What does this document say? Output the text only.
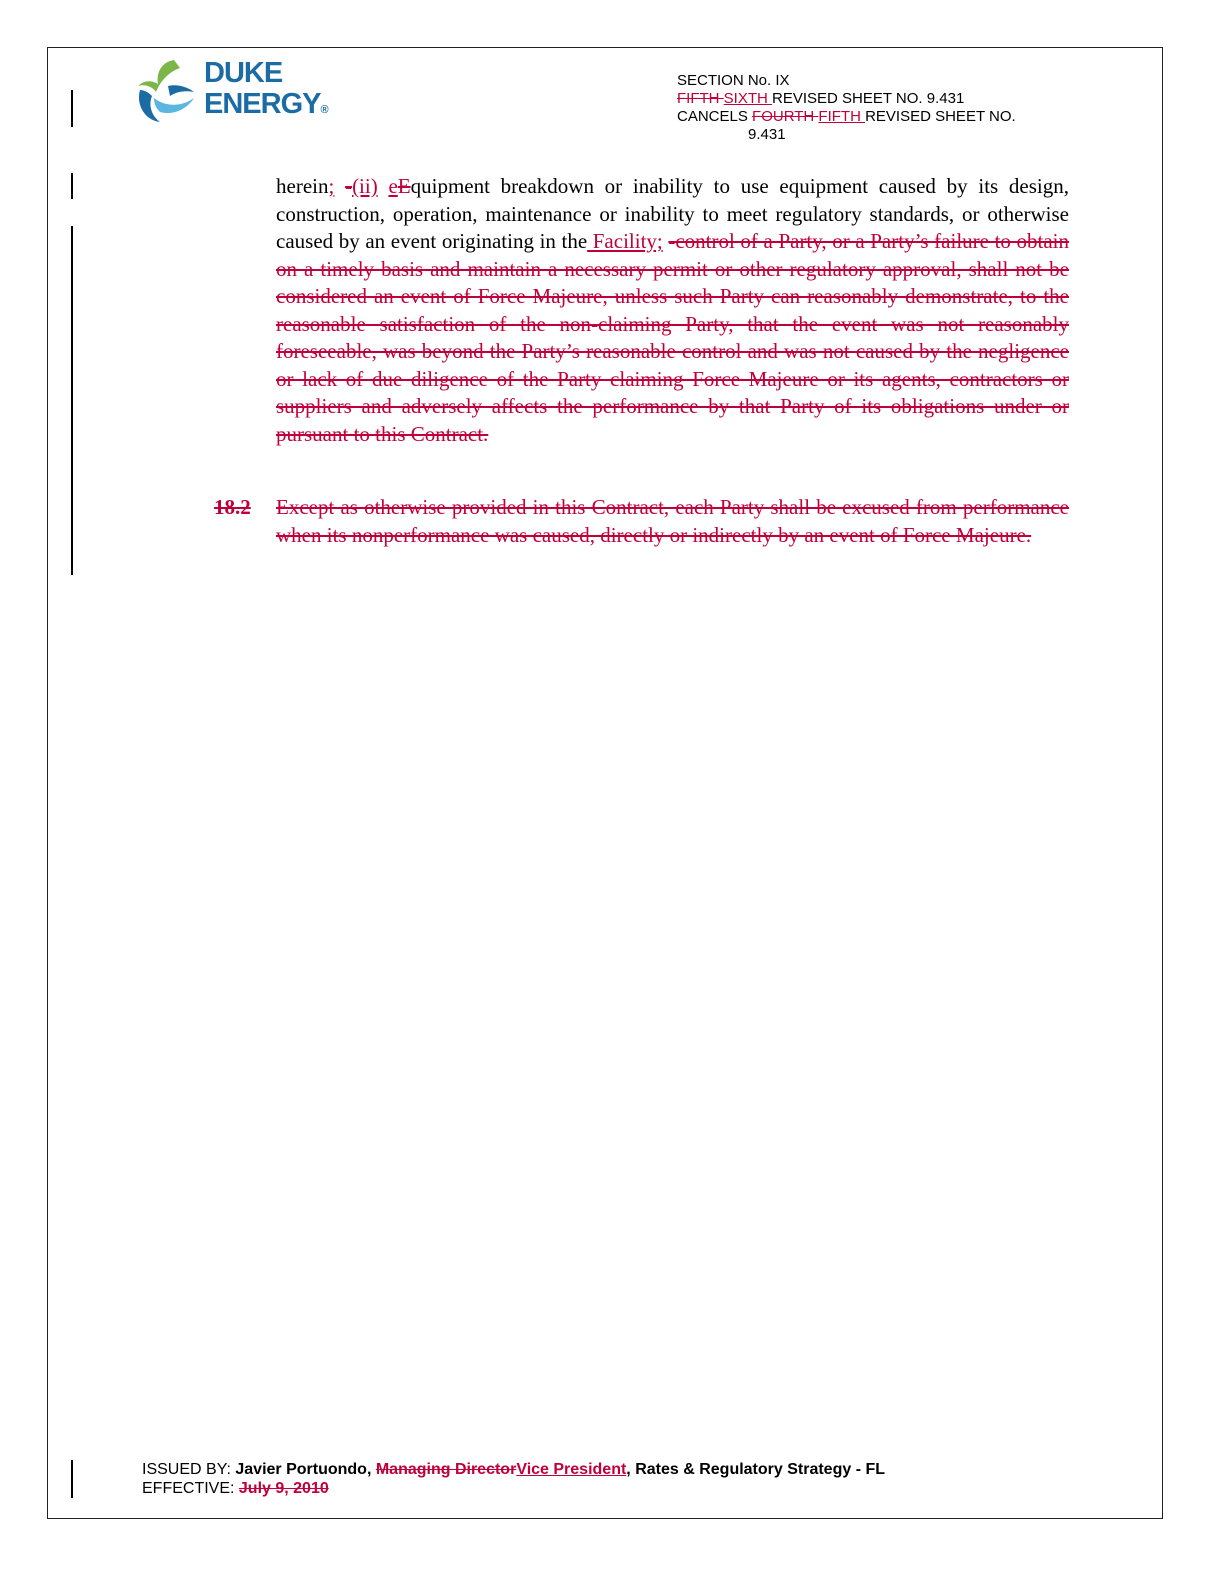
DUKE
ENERGY®
SECTION No. IX
FIFTH SIXTH REVISED SHEET NO. 9.431
CANCELS FOURTH FIFTH REVISED SHEET NO.
9.431

herein; -(ii) eEquipment breakdown or inability to use equipment caused by its design, construction, operation, maintenance or inability to meet regulatory standards, or otherwise caused by an event originating in the Facility; -control of a Party, or a Party’s failure to obtain on a timely basis and maintain a necessary permit or other regulatory approval, shall not be considered an event of Force Majeure, unless such Party can reasonably demonstrate, to the reasonable satisfaction of the non-claiming Party, that the event was not reasonably foreseeable, was beyond the Party’s reasonable control and was not caused by the negligence or lack of due diligence of the Party claiming Force Majeure or its agents, contractors or suppliers and adversely affects the performance by that Party of its obligations under or pursuant to this Contract.

18.2 Except as otherwise provided in this Contract, each Party shall be excused from performance when its nonperformance was caused, directly or indirectly by an event of Force Majeure.

ISSUED BY: Javier Portuondo, Managing DirectorVice President, Rates & Regulatory Strategy - FL
EFFECTIVE: July 9, 2010
